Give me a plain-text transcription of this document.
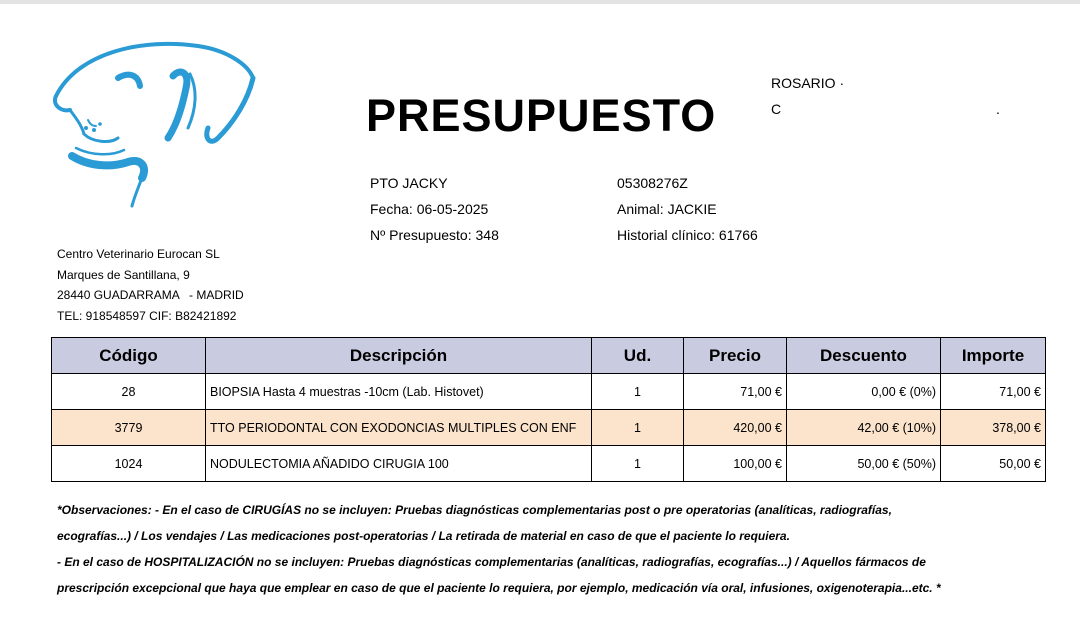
PRESUPUESTO
ROSARIO ·
C	.
PTO JACKY
Fecha: 06-05-2025
Nº Presupuesto: 348
05308276Z
Animal: JACKIE
Historial clínico: 61766
Centro Veterinario Eurocan SL
Marques de Santillana, 9
28440 GUADARRAMA   - MADRID
TEL: 918548597 CIF: B82421892
Código	Descripción	Ud.	Precio	Descuento	Importe
28	BIOPSIA Hasta 4 muestras -10cm (Lab. Histovet)	1	71,00 €	0,00 € (0%)	71,00 €
3779	TTO PERIODONTAL CON EXODONCIAS MULTIPLES CON ENF	1	420,00 €	42,00 € (10%)	378,00 €
1024	NODULECTOMIA AÑADIDO CIRUGIA 100	1	100,00 €	50,00 € (50%)	50,00 €

*Observaciones: - En el caso de CIRUGÍAS no se incluyen: Pruebas diagnósticas complementarias post o pre operatorias (analíticas, radiografías,

ecografías...) / Los vendajes / Las medicaciones post-operatorias / La retirada de material en caso de que el paciente lo requiera.

- En el caso de HOSPITALIZACIÓN no se incluyen: Pruebas diagnósticas complementarias (analíticas, radiografías, ecografías...) / Aquellos fármacos de

prescripción excepcional que haya que emplear en caso de que el paciente lo requiera, por ejemplo, medicación vía oral, infusiones, oxigenoterapia...etc. *
